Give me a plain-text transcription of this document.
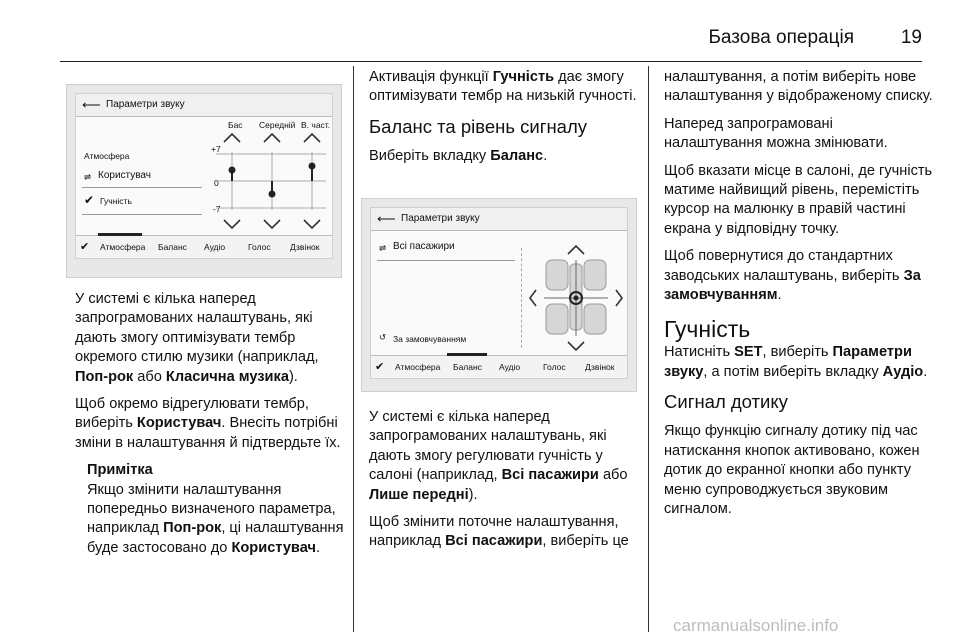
Базова операція 19
⟵ Параметри звуку
Бас Середній В. част.
+7
0
-7
Атмосфера
⇌ Користувач
✔ Гучність
✔ Атмосфера Баланс Аудіо	Голос Дзвінок

У системі є кілька наперед запрограмованих налаштувань, які дають змогу оптимізувати тембр окремого стилю музики (наприклад, Поп-рок або Класична музика).

Щоб окремо відрегулювати тембр, виберіть Користувач. Внесіть потрібні зміни в налаштування й підтвердьте їх.

Примітка
Якщо змінити налаштування попередньо визначеного параметра, наприклад Поп-рок, ці налаштування буде застосовано до Користувач.

Активація функції Гучність дає змогу оптимізувати тембр на низькій гучності.

Баланс та рівень сигналу

Виберіть вкладку Баланс.

⟵ Параметри звуку
⇌ Всі пасажири
↺ За замовчуванням
✔ Атмосфера Баланс Аудіо	Голос Дзвінок

У системі є кілька наперед запрограмованих налаштувань, які дають змогу регулювати гучність у салоні (наприклад, Всі пасажири або Лише передні).

Щоб змінити поточне налаштування, наприклад Всі пасажири, виберіть це

налаштування, а потім виберіть нове налаштування у відображеному списку.

Наперед запрограмовані налаштування можна змінювати.

Щоб вказати місце в салоні, де гучність матиме найвищий рівень, перемістіть курсор на малюнку в правій частині екрана у відповідну точку.

Щоб повернутися до стандартних заводських налаштувань, виберіть За замовчуванням.

Гучність

Натисніть SET, виберіть Параметри звуку, а потім виберіть вкладку Аудіо.

Сигнал дотику

Якщо функцію сигналу дотику під час натискання кнопок активовано, кожен дотик до екранної кнопки або пункту меню супроводжується звуковим сигналом.

carmanualsonline.info
